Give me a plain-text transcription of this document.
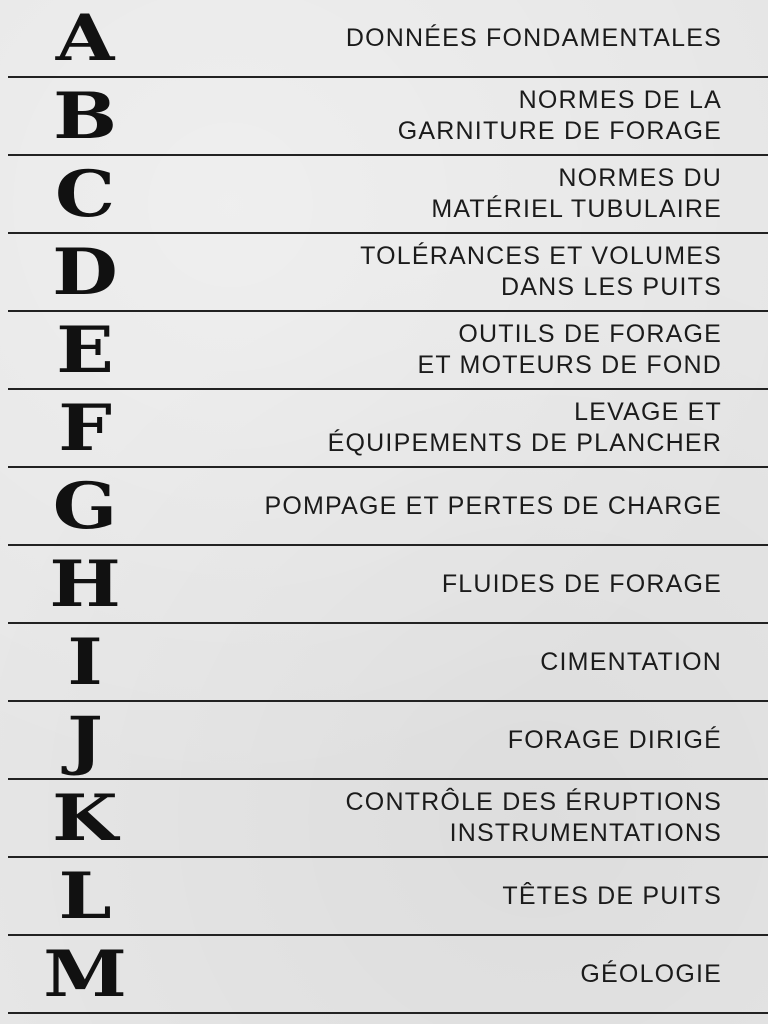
A	DONNÉES FONDAMENTALES
B	NORMES DE LA
GARNITURE DE FORAGE
C	NORMES DU
MATÉRIEL TUBULAIRE
D	TOLÉRANCES ET VOLUMES
DANS LES PUITS
E	OUTILS DE FORAGE
ET MOTEURS DE FOND
F	LEVAGE ET
ÉQUIPEMENTS DE PLANCHER
G	POMPAGE ET PERTES DE CHARGE
H	FLUIDES DE FORAGE
I	CIMENTATION
J	FORAGE DIRIGÉ
K	CONTRÔLE DES ÉRUPTIONS
INSTRUMENTATIONS
L	TÊTES DE PUITS
M	GÉOLOGIE
